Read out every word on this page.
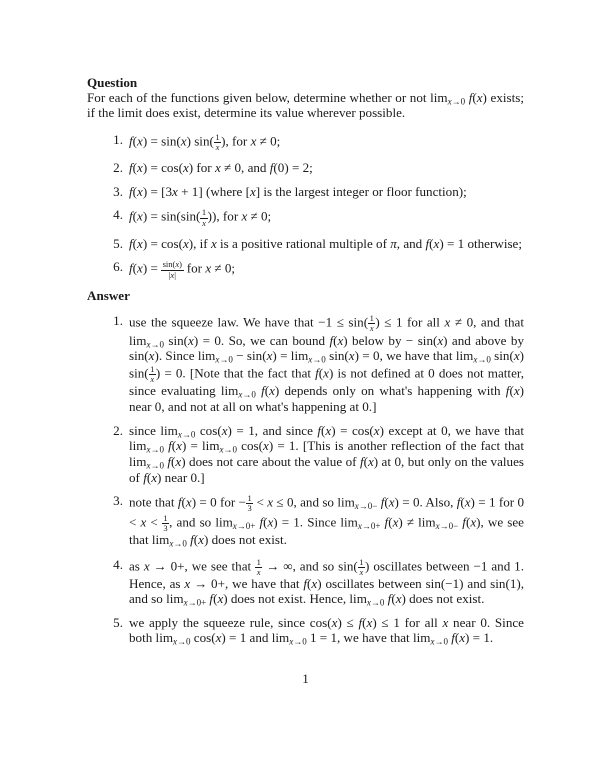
Question

For each of the functions given below, determine whether or not $\lim_{x\to 0} f(x)$ exists; if the limit does exist, determine its value wherever possible.

1. f(x) = sin(x) $\sin( \frac{1}{x}$ ), for x ≠ 0;
2. f(x) = cos(x) for x ≠ 0, and f(0) = 2;
3. f(x) = [3x + 1] (where [x] is the largest integer or floor function);
4. $f(x) = \sin(\sin( \frac{1}{x}$ )), for x ≠ 0;
5. f(x) = cos(x), if x is a positive rational multiple of π, and f(x) = 1 otherwise;
6. $f(x) = \frac{\sin(x)}{|x|}$ for x ≠ 0;
Answer
1. use the squeeze law. We have that $-1 \le \sin( \frac{1}{x}$ ) ≤ 1 for all x ≠ 0, and that $\lim_{x\to 0} \sin(x) = 0$. So, we can bound f(x) below by − sin(x) and above by sin(x). Since $\lim_{x\to 0} - \sin(x) = \lim_{x\to 0} \sin(x) = 0$, we have that $\lim_{x\to 0} \sin(x)$ $\sin( \frac{1}{x}$ ) = 0. [Note that the fact that f(x) is not defined at 0 does not matter, since evaluating $\lim_{x\to 0} f(x)$ depends only on what's happening with f(x) near 0, and not at all on what's happening at 0.]
2. since $\lim_{x\to 0} \cos(x) = 1$, and since f(x) = cos(x) except at 0, we have that $\lim_{x\to 0} f(x) = \lim_{x\to 0} \cos(x) = 1$. [This is another reflection of the fact that $\lim_{x\to 0} f(x)$ does not care about the value of f(x) at 0, but only on the values of f(x) near 0.]
3. note that f(x) = 0 for − $\frac{1}{3} < x \le 0$, and so $\lim_{x\to 0-} f(x) = 0$. Also, f(x) = 1 for $0 < x < \frac{1}{3}$ , and so $\lim_{x\to 0+} f(x) = 1$. Since $\lim_{x\to 0+} f(x) \ne \lim_{x\to 0-} f(x)$, we see that $\lim_{x\to 0} f(x)$ does not exist.
4. as x → 0+, we see that $\frac{1}{x}$ → ∞, and so $\sin( \frac{1}{x}$ ) oscillates between −1 and 1. Hence, as x → 0+, we have that f(x) oscillates between sin(−1) and sin(1), and so $\lim_{x\to 0+} f(x)$ does not exist. Hence, $\lim_{x\to 0} f(x)$ does not exist.
5. we apply the squeeze rule, since cos(x) ≤ f(x) ≤ 1 for all x near 0. Since both $\lim_{x\to 0} \cos(x) = 1$ and $\lim_{x\to 0} 1 = 1$, we have that $\lim_{x\to 0} f(x) = 1$.
1
